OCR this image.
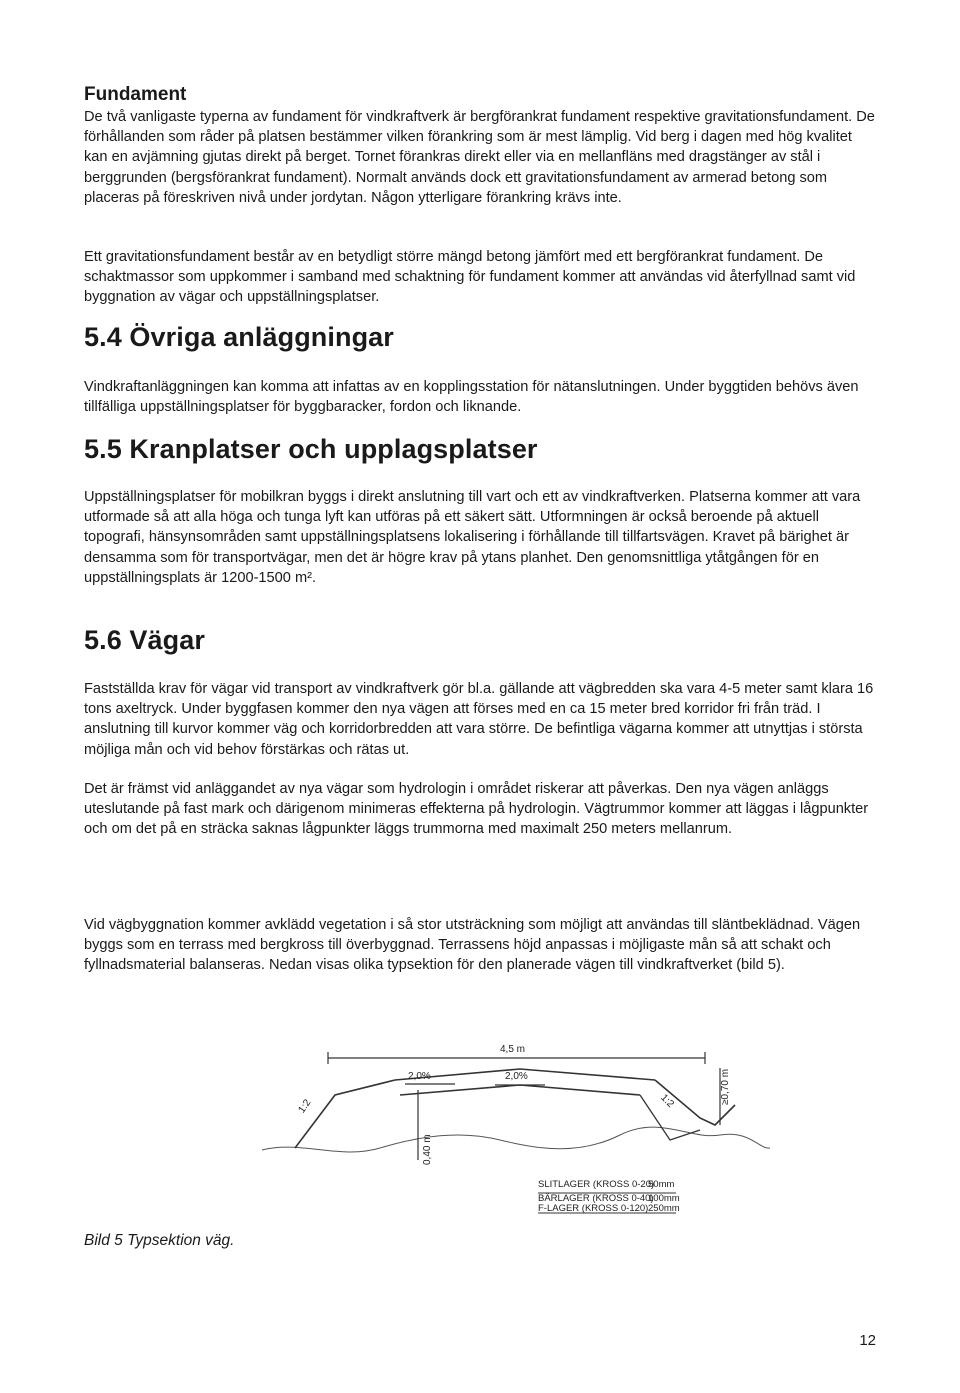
Fundament
De två vanligaste typerna av fundament för vindkraftverk är bergförankrat fundament respektive gravitationsfundament. De förhållanden som råder på platsen bestämmer vilken förankring som är mest lämplig. Vid berg i dagen med hög kvalitet kan en avjämning gjutas direkt på berget. Tornet förankras direkt eller via en mellanfläns med dragstänger av stål i berggrunden (bergsförankrat fundament). Normalt används dock ett gravitationsfundament av armerad betong som placeras på föreskriven nivå under jordytan. Någon ytterligare förankring krävs inte.
Ett gravitationsfundament består av en betydligt större mängd betong jämfört med ett bergförankrat fundament. De schaktmassor som uppkommer i samband med schaktning för fundament kommer att användas vid återfyllnad samt vid byggnation av vägar och uppställningsplatser.
5.4 Övriga anläggningar
Vindkraftanläggningen kan komma att infattas av en kopplingsstation för nätanslutningen. Under byggtiden behövs även tillfälliga uppställningsplatser för byggbaracker, fordon och liknande.
5.5 Kranplatser och upplagsplatser
Uppställningsplatser för mobilkran byggs i direkt anslutning till vart och ett av vindkraftverken. Platserna kommer att vara utformade så att alla höga och tunga lyft kan utföras på ett säkert sätt. Utformningen är också beroende på aktuell topografi, hänsynsområden samt uppställningsplatsens lokalisering i förhållande till tillfartsvägen. Kravet på bärighet är densamma som för transportvägar, men det är högre krav på ytans planhet. Den genomsnittliga ytåtgången för en uppställningsplats är 1200-1500 m².
5.6 Vägar
Fastställda krav för vägar vid transport av vindkraftverk gör bl.a. gällande att vägbredden ska vara 4-5 meter samt klara 16 tons axeltryck. Under byggfasen kommer den nya vägen att förses med en ca 15 meter bred korridor fri från träd. I anslutning till kurvor kommer väg och korridorbredden att vara större. De befintliga vägarna kommer att utnyttjas i största möjliga mån och vid behov förstärkas och rätas ut.
Det är främst vid anläggandet av nya vägar som hydrologin i området riskerar att påverkas. Den nya vägen anläggs uteslutande på fast mark och därigenom minimeras effekterna på hydrologin. Vägtrummor kommer att läggas i lågpunkter och om det på en sträcka saknas lågpunkter läggs trummorna med maximalt 250 meters mellanrum.
Vid vägbyggnation kommer avklädd vegetation i så stor utsträckning som möjligt att användas till släntbeklädnad. Vägen byggs som en terrass med bergkross till överbyggnad. Terrassens höjd anpassas i möjligaste mån så att schakt och fyllnadsmaterial balanseras. Nedan visas olika typsektion för den planerade vägen till vindkraftverket (bild 5).
Bild 5 Typsektion väg.
4,5 m
2,0%	2,0%
1:2	1:2
0,40 m
≥0,70 m
SLITLAGER (KROSS 0-20)
50mm
BÄRLAGER (KROSS 0-40)
100mm
F-LAGER (KROSS 0-120) 250mm
12
